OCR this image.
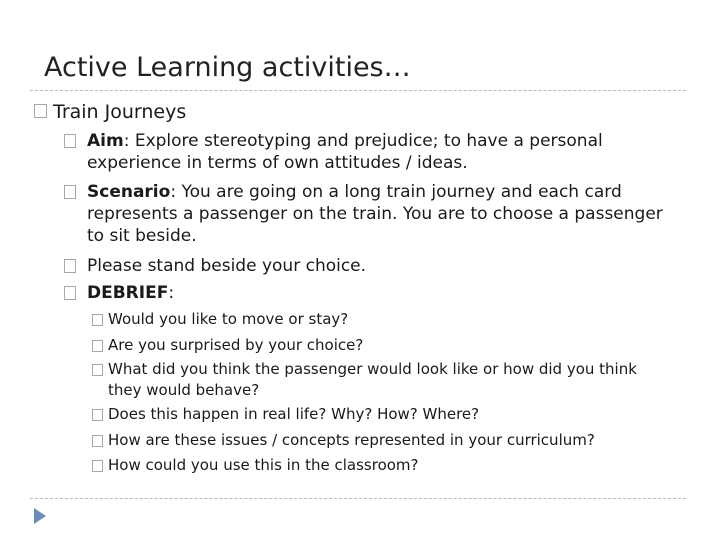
Active Learning activities…
Train Journeys
Aim: Explore stereotyping and prejudice; to have a personal experience in terms of own attitudes / ideas.
Scenario: You are going on a long train journey and each card represents a passenger on the train. You are to choose a passenger to sit beside.
Please stand beside your choice.
DEBRIEF:
Would you like to move or stay?
Are you surprised by your choice?
What did you think the passenger would look like or how did you think they would behave?
Does this happen in real life? Why? How? Where?
How are these issues / concepts represented in your curriculum?
How could you use this in the classroom?
